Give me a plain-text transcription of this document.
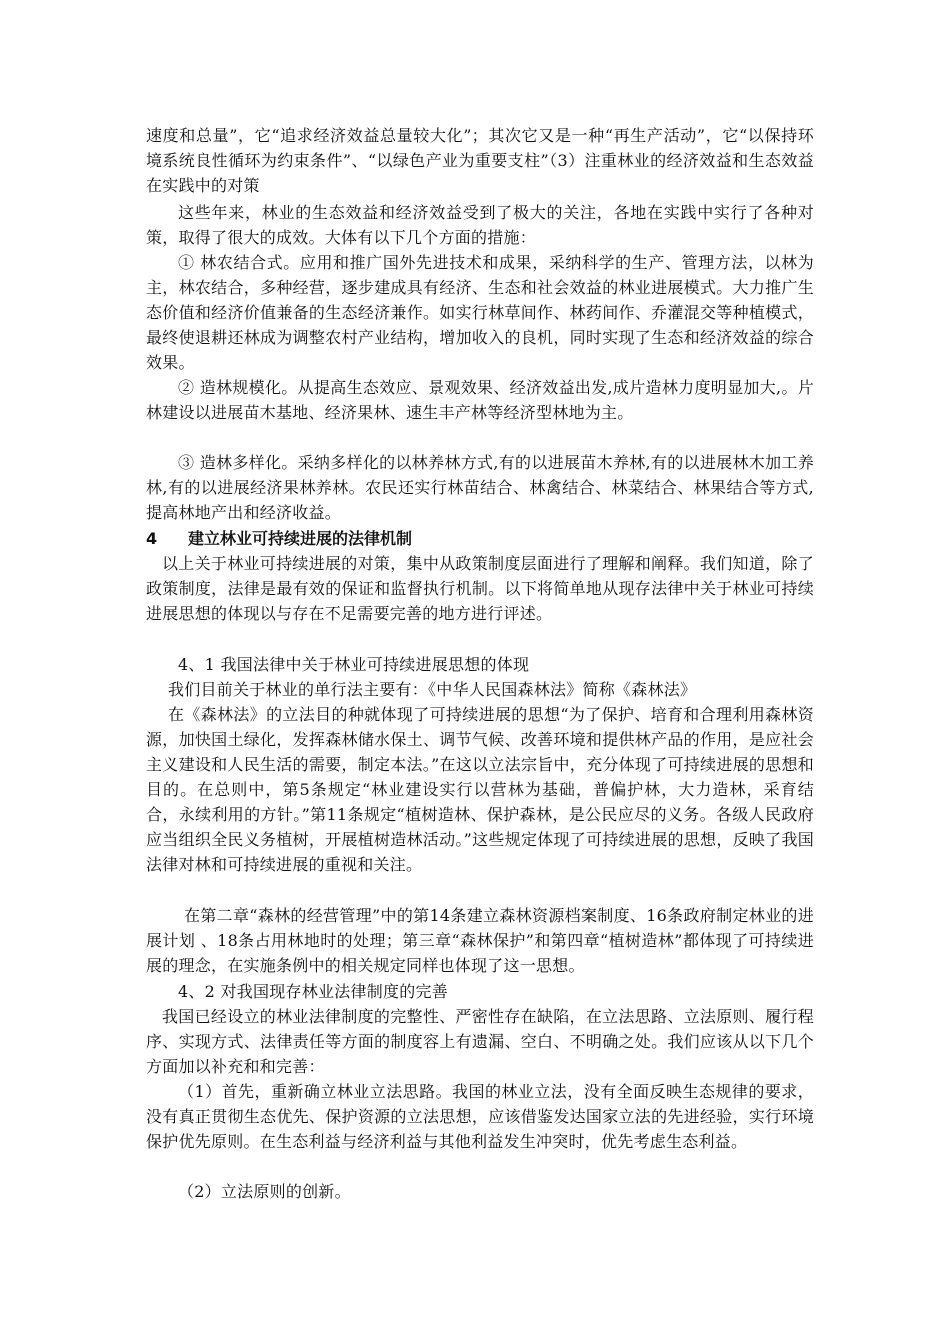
速度和总量”，它“追求经济效益总量较大化”；其次它又是一种“再生产活动”，它“以保持环境系统良性循环为约束条件”、“以绿色产业为重要支柱”（3）注重林业的经济效益和生态效益在实践中的对策

这些年来，林业的生态效益和经济效益受到了极大的关注，各地在实践中实行了各种对策，取得了很大的成效。大体有以下几个方面的措施：

① 林农结合式。应用和推广国外先进技术和成果，采纳科学的生产、管理方法，以林为主，林农结合，多种经营，逐步建成具有经济、生态和社会效益的林业进展模式。大力推广生态价值和经济价值兼备的生态经济兼作。如实行林草间作、林药间作、乔灌混交等种植模式，最终使退耕还林成为调整农村产业结构，增加收入的良机，同时实现了生态和经济效益的综合效果。

② 造林规模化。从提高生态效应、景观效果、经济效益出发,成片造林力度明显加大,。片林建设以进展苗木基地、经济果林、速生丰产林等经济型林地为主。

③ 造林多样化。采纳多样化的以林养林方式,有的以进展苗木养林,有的以进展林木加工养林,有的以进展经济果林养林。农民还实行林苗结合、林禽结合、林菜结合、林果结合等方式,提高林地产出和经济收益。

4 建立林业可持续进展的法律机制

以上关于林业可持续进展的对策，集中从政策制度层面进行了理解和阐释。我们知道，除了政策制度，法律是最有效的保证和监督执行机制。以下将简单地从现存法律中关于林业可持续进展思想的体现以与存在不足需要完善的地方进行评述。

4、1 我国法律中关于林业可持续进展思想的体现

我们目前关于林业的单行法主要有：《中华人民国森林法》简称《森林法》

在《森林法》的立法目的种就体现了可持续进展的思想“为了保护、培育和合理利用森林资源，加快国土绿化，发挥森林储水保土、调节气候、改善环境和提供林产品的作用，是应社会主义建设和人民生活的需要，制定本法。”在这以立法宗旨中，充分体现了可持续进展的思想和目的。在总则中，第5条规定“林业建设实行以营林为基础，普偏护林，大力造林，采育结合，永续利用的方针。”第11条规定“植树造林、保护森林，是公民应尽的义务。各级人民政府应当组织全民义务植树，开展植树造林活动。”这些规定体现了可持续进展的思想，反映了我国法律对林和可持续进展的重视和关注。

在第二章“森林的经营管理”中的第14条建立森林资源档案制度、16条政府制定林业的进展计划 、18条占用林地时的处理；第三章“森林保护”和第四章“植树造林”都体现了可持续进展的理念，在实施条例中的相关规定同样也体现了这一思想。

4、2 对我国现存林业法律制度的完善

我国已经设立的林业法律制度的完整性、严密性存在缺陷，在立法思路、立法原则、履行程序、实现方式、法律责任等方面的制度容上有遗漏、空白、不明确之处。我们应该从以下几个方面加以补充和和完善：

（1）首先，重新确立林业立法思路。我国的林业立法，没有全面反映生态规律的要求，没有真正贯彻生态优先、保护资源的立法思想，应该借鉴发达国家立法的先进经验，实行环境保护优先原则。在生态利益与经济利益与其他利益发生冲突时，优先考虑生态利益。

（2）立法原则的创新。
